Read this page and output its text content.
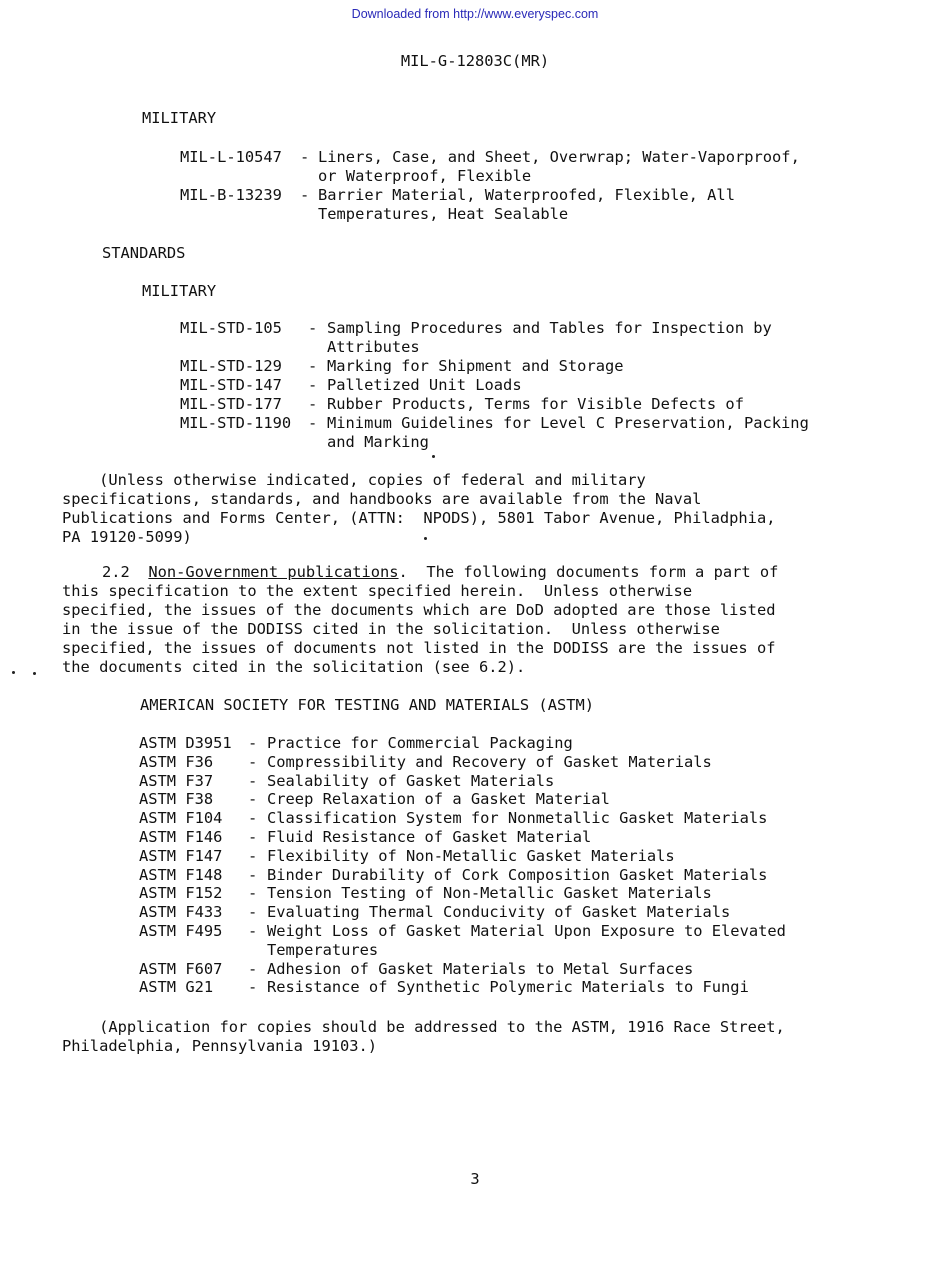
Downloaded from http://www.everyspec.com
MIL-G-12803C(MR)
MILITARY
MIL-L-10547 - Liners, Case, and Sheet, Overwrap; Water-Vaporproof,
or Waterproof, Flexible
MIL-B-13239 - Barrier Material, Waterproofed, Flexible, All
Temperatures, Heat Sealable
STANDARDS
MILITARY
MIL-STD-105 - Sampling Procedures and Tables for Inspection by
Attributes
MIL-STD-129 - Marking for Shipment and Storage
MIL-STD-147 - Palletized Unit Loads
MIL-STD-177 - Rubber Products, Terms for Visible Defects of
MIL-STD-1190 - Minimum Guidelines for Level C Preservation, Packing
and Marking
(Unless otherwise indicated, copies of federal and military
specifications, standards, and handbooks are available from the Naval
Publications and Forms Center, (ATTN:  NPODS), 5801 Tabor Avenue, Philadphia,
PA 19120-5099)
2.2 Non-Government publications.  The following documents form a part of
this specification to the extent specified herein.  Unless otherwise
specified, the issues of the documents which are DoD adopted are those listed
in the issue of the DODISS cited in the solicitation.  Unless otherwise
specified, the issues of documents not listed in the DODISS are the issues of
the documents cited in the solicitation (see 6.2).
AMERICAN SOCIETY FOR TESTING AND MATERIALS (ASTM)
ASTM D3951 - Practice for Commercial Packaging
ASTM F36 - Compressibility and Recovery of Gasket Materials
ASTM F37 - Sealability of Gasket Materials
ASTM F38 - Creep Relaxation of a Gasket Material
ASTM F104 - Classification System for Nonmetallic Gasket Materials
ASTM F146 - Fluid Resistance of Gasket Material
ASTM F147 - Flexibility of Non-Metallic Gasket Materials
ASTM F148 - Binder Durability of Cork Composition Gasket Materials
ASTM F152 - Tension Testing of Non-Metallic Gasket Materials
ASTM F433 - Evaluating Thermal Conducivity of Gasket Materials
ASTM F495 - Weight Loss of Gasket Material Upon Exposure to Elevated
Temperatures
ASTM F607 - Adhesion of Gasket Materials to Metal Surfaces
ASTM G21 - Resistance of Synthetic Polymeric Materials to Fungi
(Application for copies should be addressed to the ASTM, 1916 Race Street,
Philadelphia, Pennsylvania 19103.)
3
